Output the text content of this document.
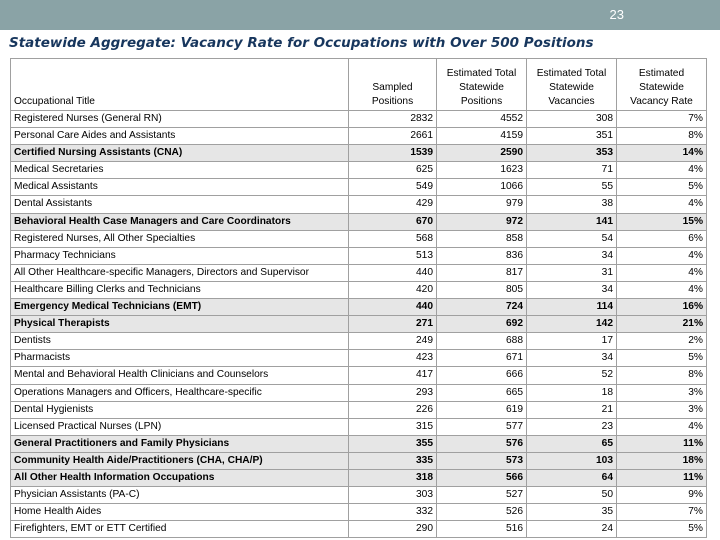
23
Statewide Aggregate: Vacancy Rate for Occupations with Over 500 Positions
Occupational Title	Sampled Positions	Estimated Total Statewide Positions	Estimated Total Statewide Vacancies	Estimated Statewide Vacancy Rate
Registered Nurses (General RN)	2832	4552	308	7%
Personal Care Aides and Assistants	2661	4159	351	8%
Certified Nursing Assistants (CNA)	1539	2590	353	14%
Medical Secretaries	625	1623	71	4%
Medical Assistants	549	1066	55	5%
Dental Assistants	429	979	38	4%
Behavioral Health Case Managers and Care Coordinators	670	972	141	15%
Registered Nurses, All Other Specialties	568	858	54	6%
Pharmacy Technicians	513	836	34	4%
All Other Healthcare-specific Managers, Directors and Supervisor	440	817	31	4%
Healthcare Billing Clerks and Technicians	420	805	34	4%
Emergency Medical Technicians (EMT)	440	724	114	16%
Physical Therapists	271	692	142	21%
Dentists	249	688	17	2%
Pharmacists	423	671	34	5%
Mental and Behavioral Health Clinicians and Counselors	417	666	52	8%
Operations Managers and Officers, Healthcare-specific	293	665	18	3%
Dental Hygienists	226	619	21	3%
Licensed Practical Nurses (LPN)	315	577	23	4%
General Practitioners and Family Physicians	355	576	65	11%
Community Health Aide/Practitioners (CHA, CHA/P)	335	573	103	18%
All Other Health Information Occupations	318	566	64	11%
Physician Assistants (PA-C)	303	527	50	9%
Home Health Aides	332	526	35	7%
Firefighters, EMT or ETT Certified	290	516	24	5%
